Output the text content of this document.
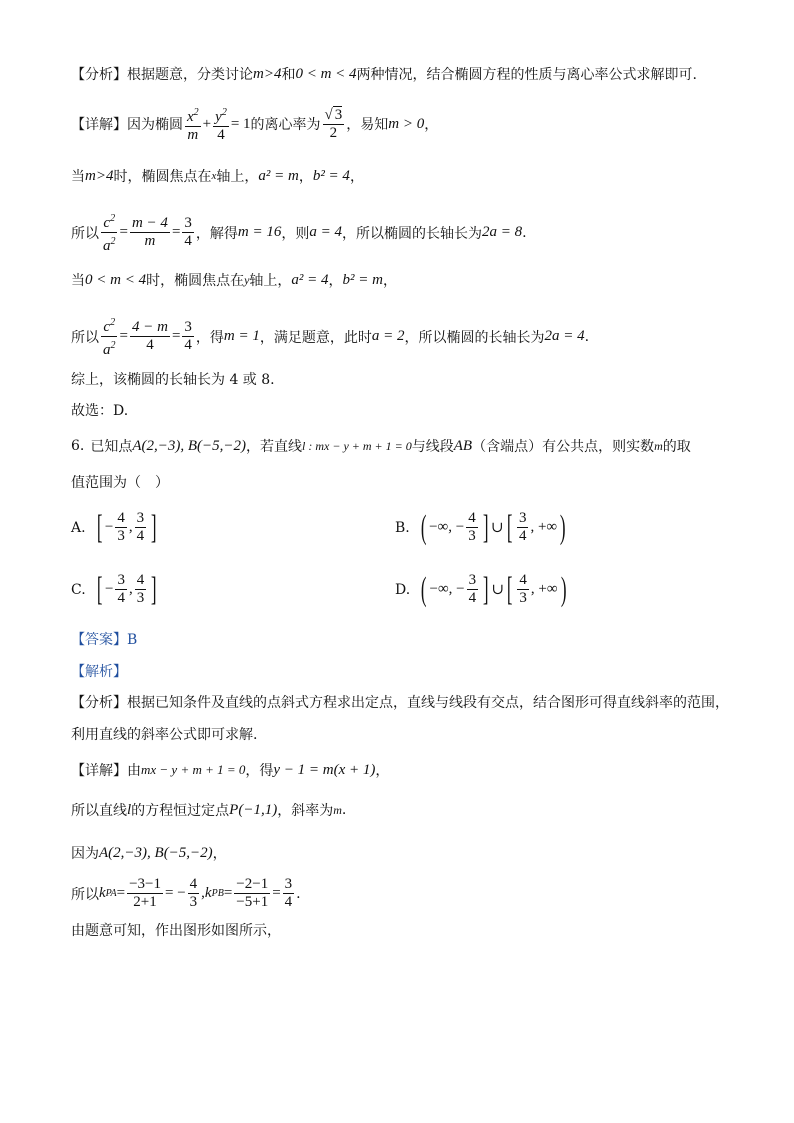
【分析】 根据题意，分类讨论 m>4 和 0 < m < 4 两种情况，结合椭圆方程的性质与离心率公式求解即可.
【详解】 因为椭圆 $\frac{x^2}{m} + \frac{y^2}{4} = 1$ 的离心率为 $\frac{√ 3}{2}$ ，易知 m > 0 ，
当 m>4 时，椭圆焦点在 x 轴上， a² = m ， b² = 4 ，
所以 $\frac{c^2}{a^2} = \frac{m - 4}{m} = \frac{3}{4}$ ，解得 m = 16 ，则 a = 4 ，所以椭圆的长轴长为 2a = 8 .
当 0 < m < 4 时，椭圆焦点在 y 轴上， a² = 4 ， b² = m ，
所以 $\frac{c^2}{a^2} = \frac{4 - m}{4} = \frac{3}{4}$ ，得 m = 1 ，满足题意，此时 a = 2 ，所以椭圆的长轴长为 2a = 4 .
综上，该椭圆的长轴长为 4 或 8.
故选：D.
6. 已知点 A(2,−3), B(−5,−2) ，若直线 l : mx − y + m + 1 = 0 与线段 AB （含端点）有公共点，则实数 m 的取
值范围为（　）
A. [ − $\frac{4}{3}$ , $\frac{3}{4}$ ]	B. ( −∞, − $\frac{4}{3}$ ] ∪ [ $\frac{3}{4}$ , +∞ )
C. [ − $\frac{3}{4}$ , $\frac{4}{3}$ ]	D. ( −∞, − $\frac{3}{4}$ ] ∪ [ $\frac{4}{3}$ , +∞ )
【答案】B
【解析】
【分析】 根据已知条件及直线的点斜式方程求出定点，直线与线段有交点，结合图形可得直线斜率的范围，
利用直线的斜率公式即可求解.
【详解】 由 mx − y + m + 1 = 0 ，得 y − 1 = m(x + 1) ，
所以直线 l 的方程恒过定点 P(−1,1) ，斜率为 m .
因为 A(2,−3), B(−5,−2) ，
所以 k PA = $\frac{-3-1}{2+1}$ = − $\frac{4}{3}$ , k PB = $\frac{-2-1}{-5+1} = \frac{3}{4}$ .
由题意可知，作出图形如图所示，
